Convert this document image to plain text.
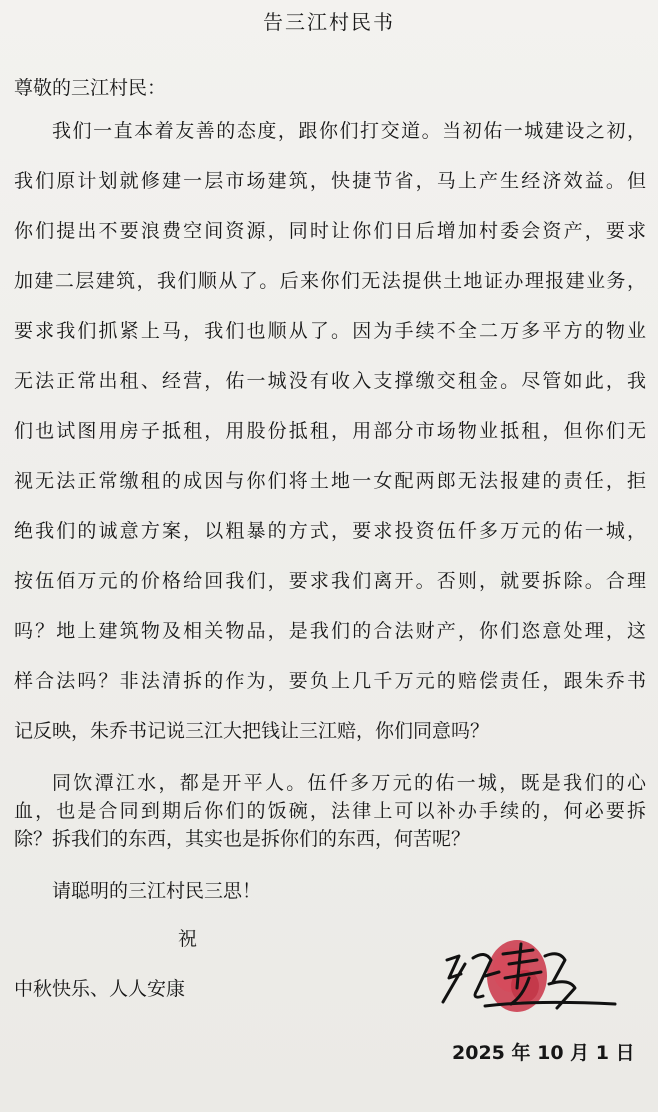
告三江村民书
尊敬的三江村民：
我们一直本着友善的态度，跟你们打交道。当初佑一城建设之初，
我们原计划就修建一层市场建筑，快捷节省，马上产生经济效益。但
你们提出不要浪费空间资源，同时让你们日后增加村委会资产，要求
加建二层建筑，我们顺从了。后来你们无法提供土地证办理报建业务，
要求我们抓紧上马，我们也顺从了。因为手续不全二万多平方的物业
无法正常出租、经营，佑一城没有收入支撑缴交租金。尽管如此，我
们也试图用房子抵租，用股份抵租，用部分市场物业抵租，但你们无
视无法正常缴租的成因与你们将土地一女配两郎无法报建的责任，拒
绝我们的诚意方案，以粗暴的方式，要求投资伍仟多万元的佑一城，
按伍佰万元的价格给回我们，要求我们离开。否则，就要拆除。合理
吗？地上建筑物及相关物品，是我们的合法财产，你们恣意处理，这
样合法吗？非法清拆的作为，要负上几千万元的赔偿责任，跟朱乔书
记反映，朱乔书记说三江大把钱让三江赔，你们同意吗？
同饮潭江水，都是开平人。伍仟多万元的佑一城，既是我们的心
血，也是合同到期后你们的饭碗，法律上可以补办手续的，何必要拆
请聪明的三江村民三思！
祝
中秋快乐、人人安康
2025 年 10 月 1 日
除？拆我们的东西，其实也是拆你们的东西，何苦呢？
